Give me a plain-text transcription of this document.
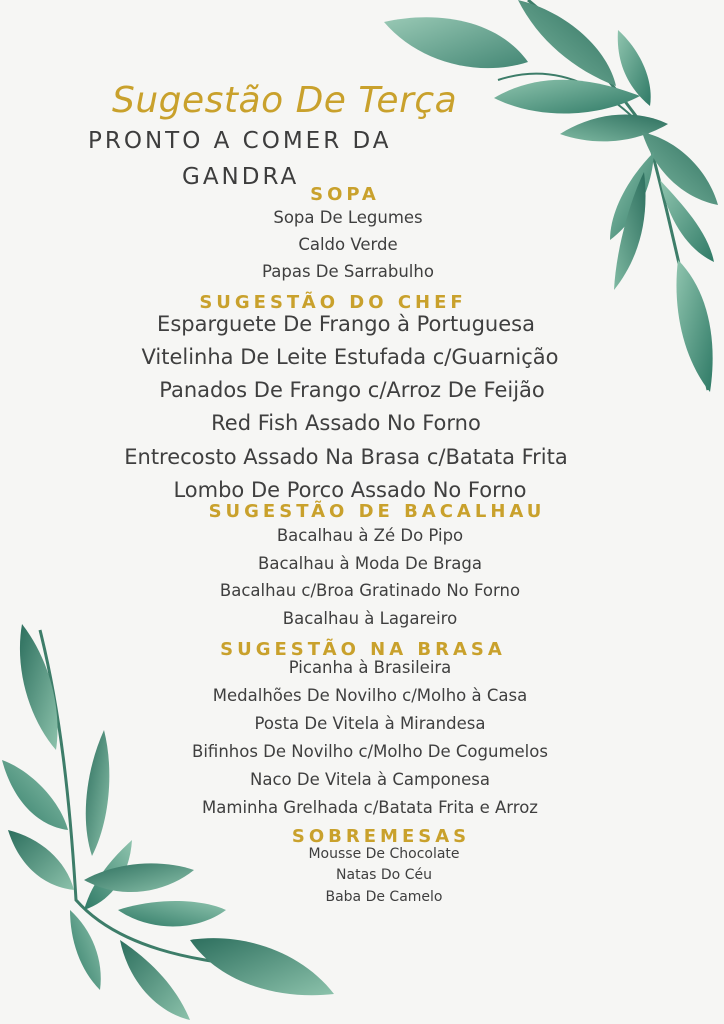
Sugestão De Terça
PRONTO A COMER DA
GANDRA
SOPA
Sopa De Legumes
Caldo Verde
Papas De Sarrabulho
SUGESTÃO DO CHEF
Esparguete De Frango à Portuguesa
Vitelinha De Leite Estufada c/Guarnição
Panados De Frango c/Arroz De Feijão
Red Fish Assado No Forno
Entrecosto Assado Na Brasa c/Batata Frita
Lombo De Porco Assado No Forno
SUGESTÃO DE BACALHAU
Bacalhau à Zé Do Pipo
Bacalhau à Moda De Braga
Bacalhau c/Broa Gratinado No Forno
Bacalhau à Lagareiro
SUGESTÃO NA BRASA
Picanha à Brasileira
Medalhões De Novilho c/Molho à Casa
Posta De Vitela à Mirandesa
Bifinhos De Novilho c/Molho De Cogumelos
Naco De Vitela à Camponesa
Maminha Grelhada c/Batata Frita e Arroz
SOBREMESAS
Mousse De Chocolate
Natas Do Céu
Baba De Camelo
